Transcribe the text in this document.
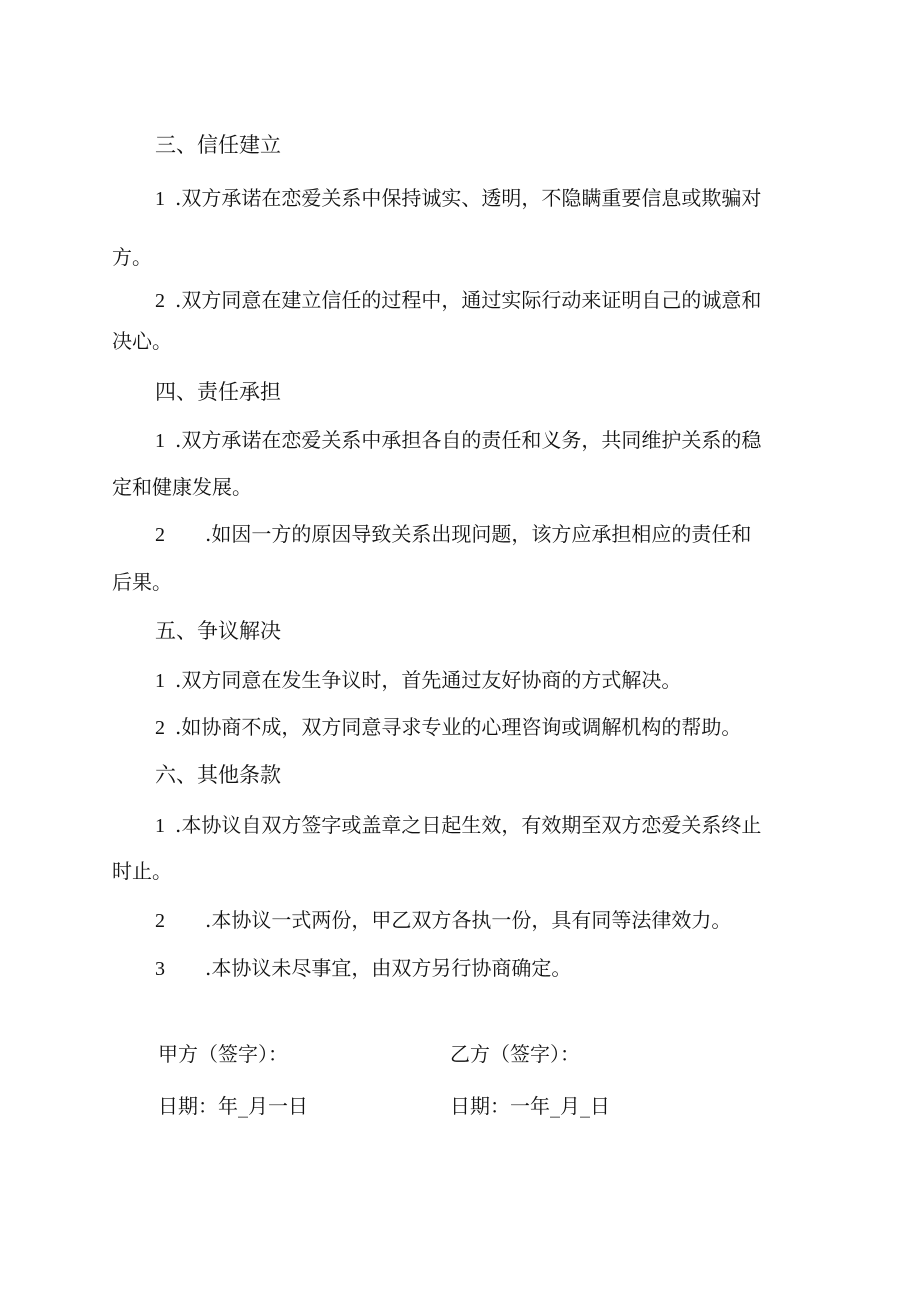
三、信任建立
1 .双方承诺在恋爱关系中保持诚实、透明，不隐瞒重要信息或欺骗对
方。
2 .双方同意在建立信任的过程中，通过实际行动来证明自己的诚意和
决心。
四、责任承担
1 .双方承诺在恋爱关系中承担各自的责任和义务，共同维护关系的稳
定和健康发展。
2 .如因一方的原因导致关系出现问题，该方应承担相应的责任和
后果。
五、争议解决
1 .双方同意在发生争议时，首先通过友好协商的方式解决。
2 .如协商不成，双方同意寻求专业的心理咨询或调解机构的帮助。
六、其他条款
1 .本协议自双方签字或盖章之日起生效，有效期至双方恋爱关系终止
时止。
2 .本协议一式两份，甲乙双方各执一份，具有同等法律效力。
3 .本协议未尽事宜，由双方另行协商确定。
甲方（签字）：	乙方（签字）：
日期：年_月一日	日期：一年_月_日
